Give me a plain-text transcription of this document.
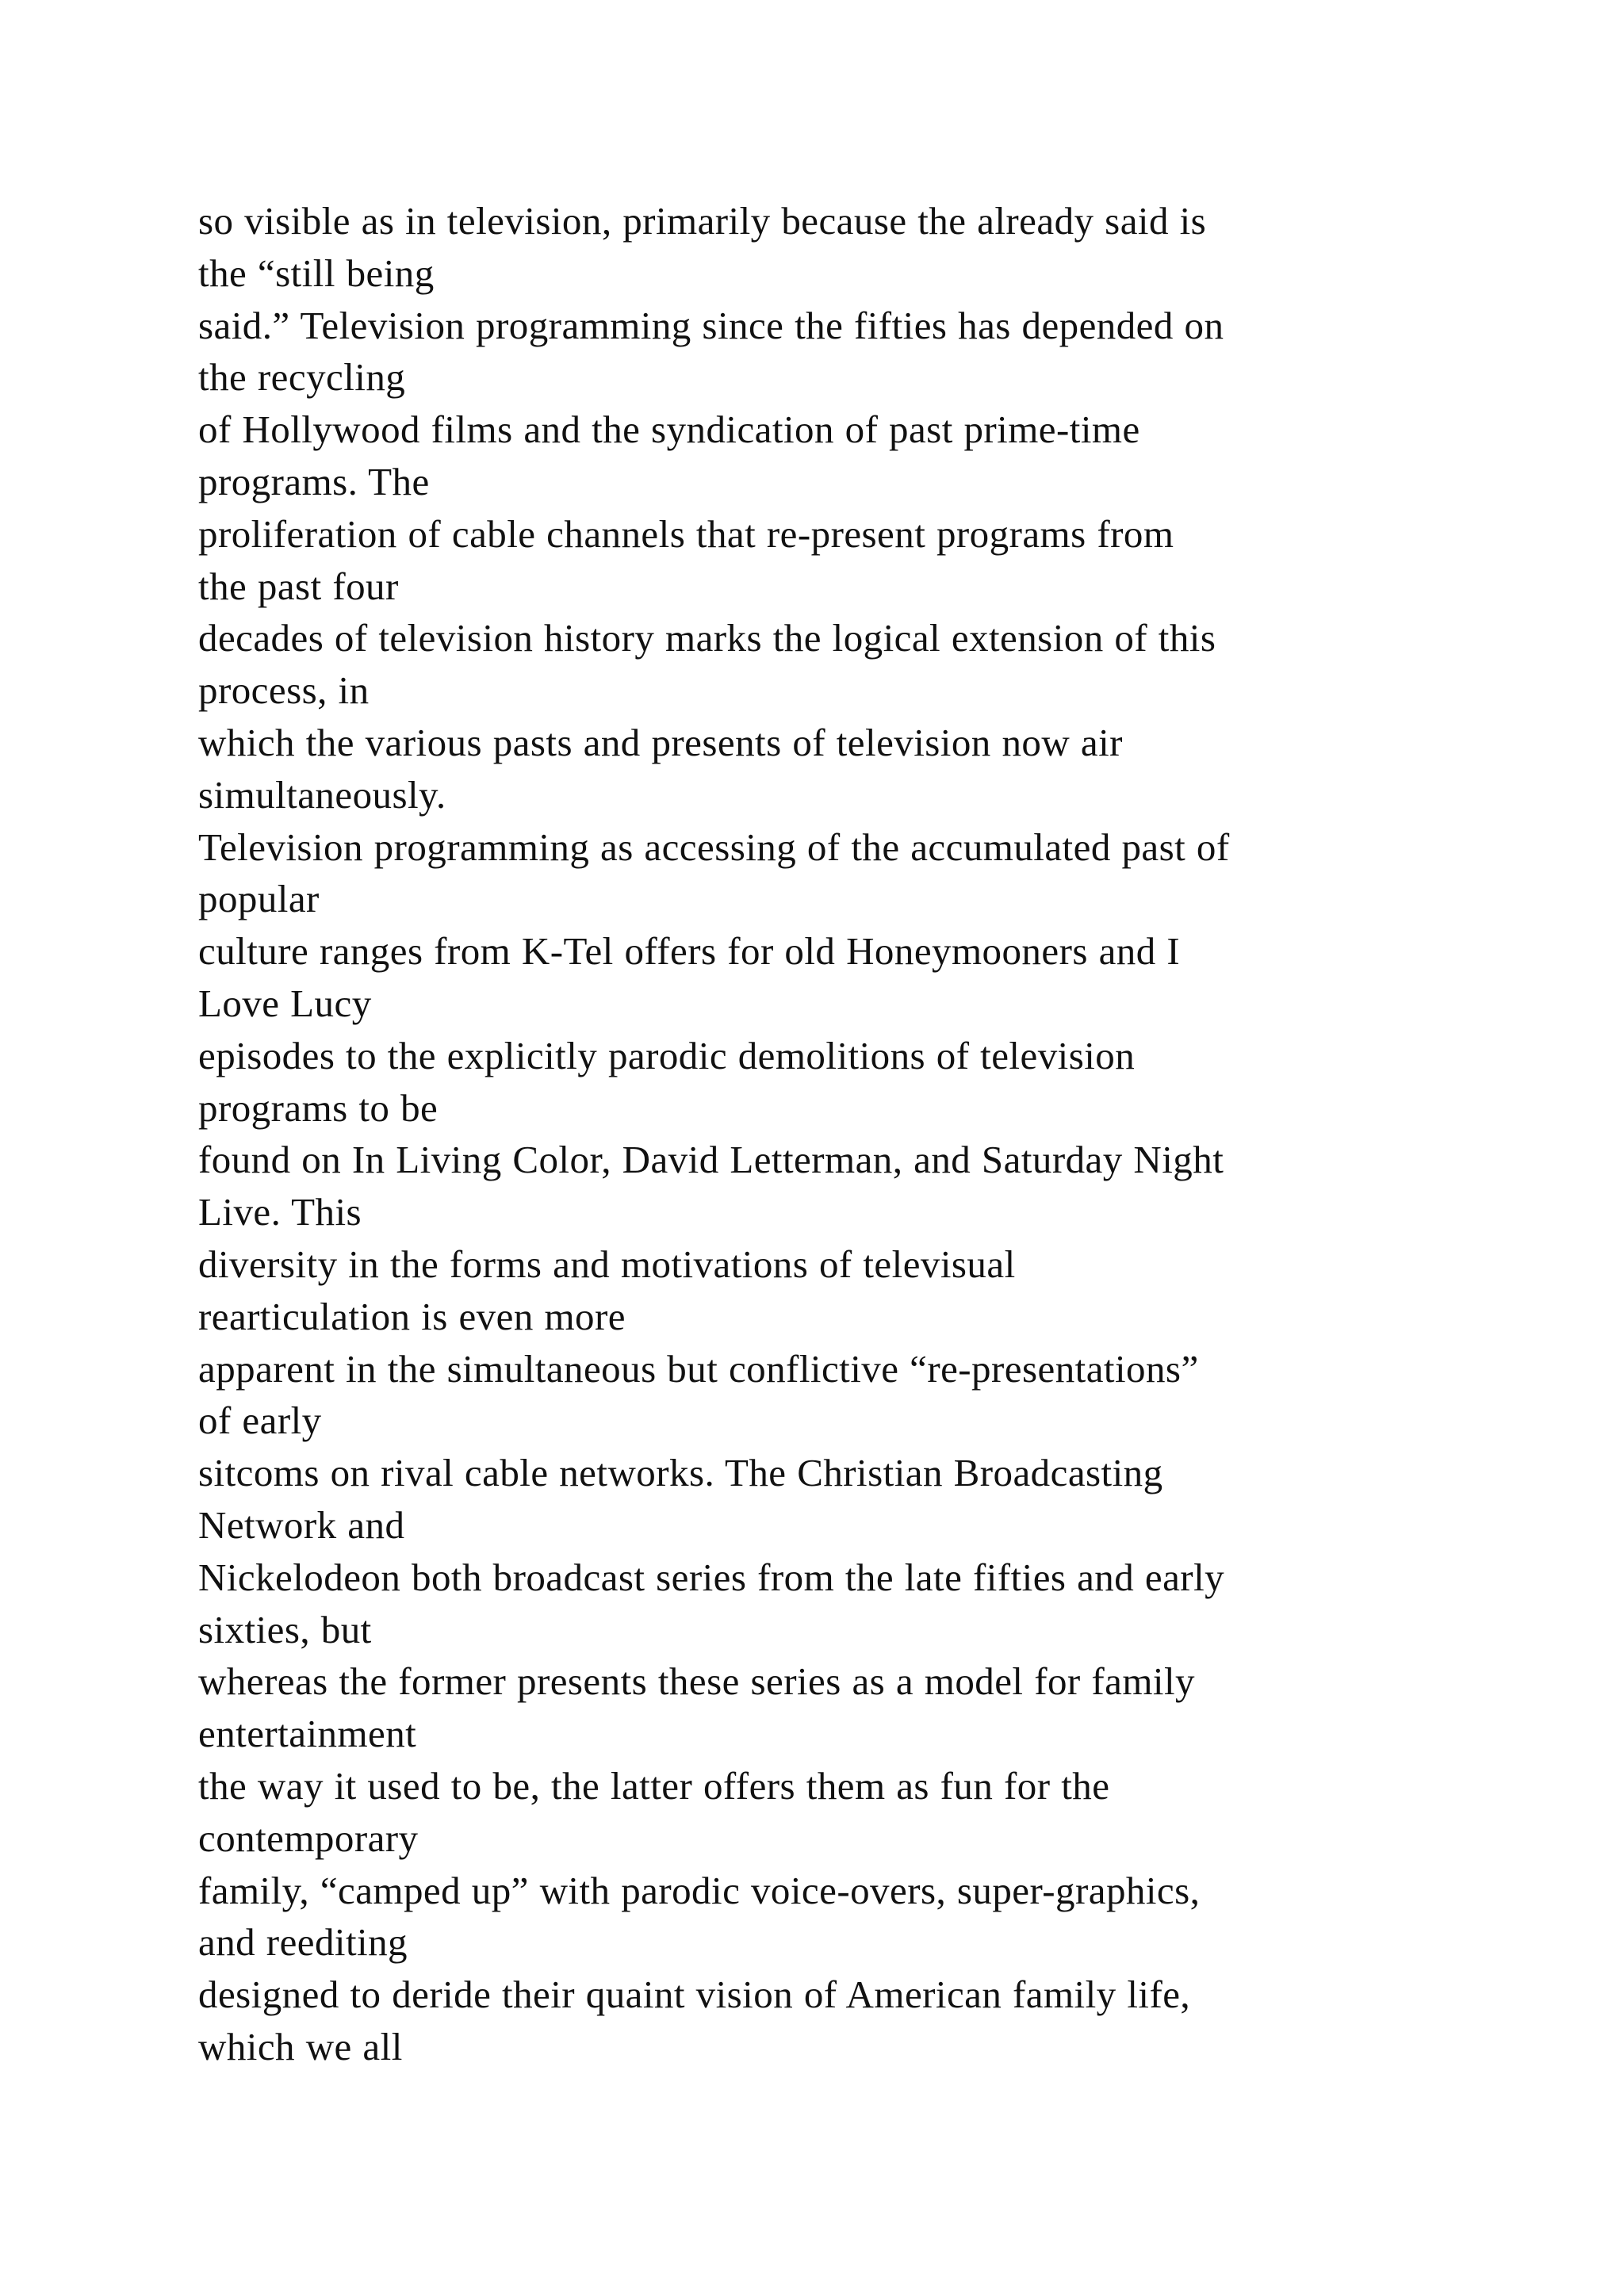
so visible as in television, primarily because the already said is
the “still being
said.” Television programming since the fifties has depended on
the recycling
of Hollywood films and the syndication of past prime-time
programs. The
proliferation of cable channels that re-present programs from
the past four
decades of television history marks the logical extension of this
process, in
which the various pasts and presents of television now air
simultaneously.
Television programming as accessing of the accumulated past of
popular
culture ranges from K-Tel offers for old Honeymooners and I
Love Lucy
episodes to the explicitly parodic demolitions of television
programs to be
found on In Living Color, David Letterman, and Saturday Night
Live. This
diversity in the forms and motivations of televisual
rearticulation is even more
apparent in the simultaneous but conflictive “re-presentations”
of early
sitcoms on rival cable networks. The Christian Broadcasting
Network and
Nickelodeon both broadcast series from the late fifties and early
sixties, but
whereas the former presents these series as a model for family
entertainment
the way it used to be, the latter offers them as fun for the
contemporary
family, “camped up” with parodic voice-overs, super-graphics,
and reediting
designed to deride their quaint vision of American family life,
which we all
